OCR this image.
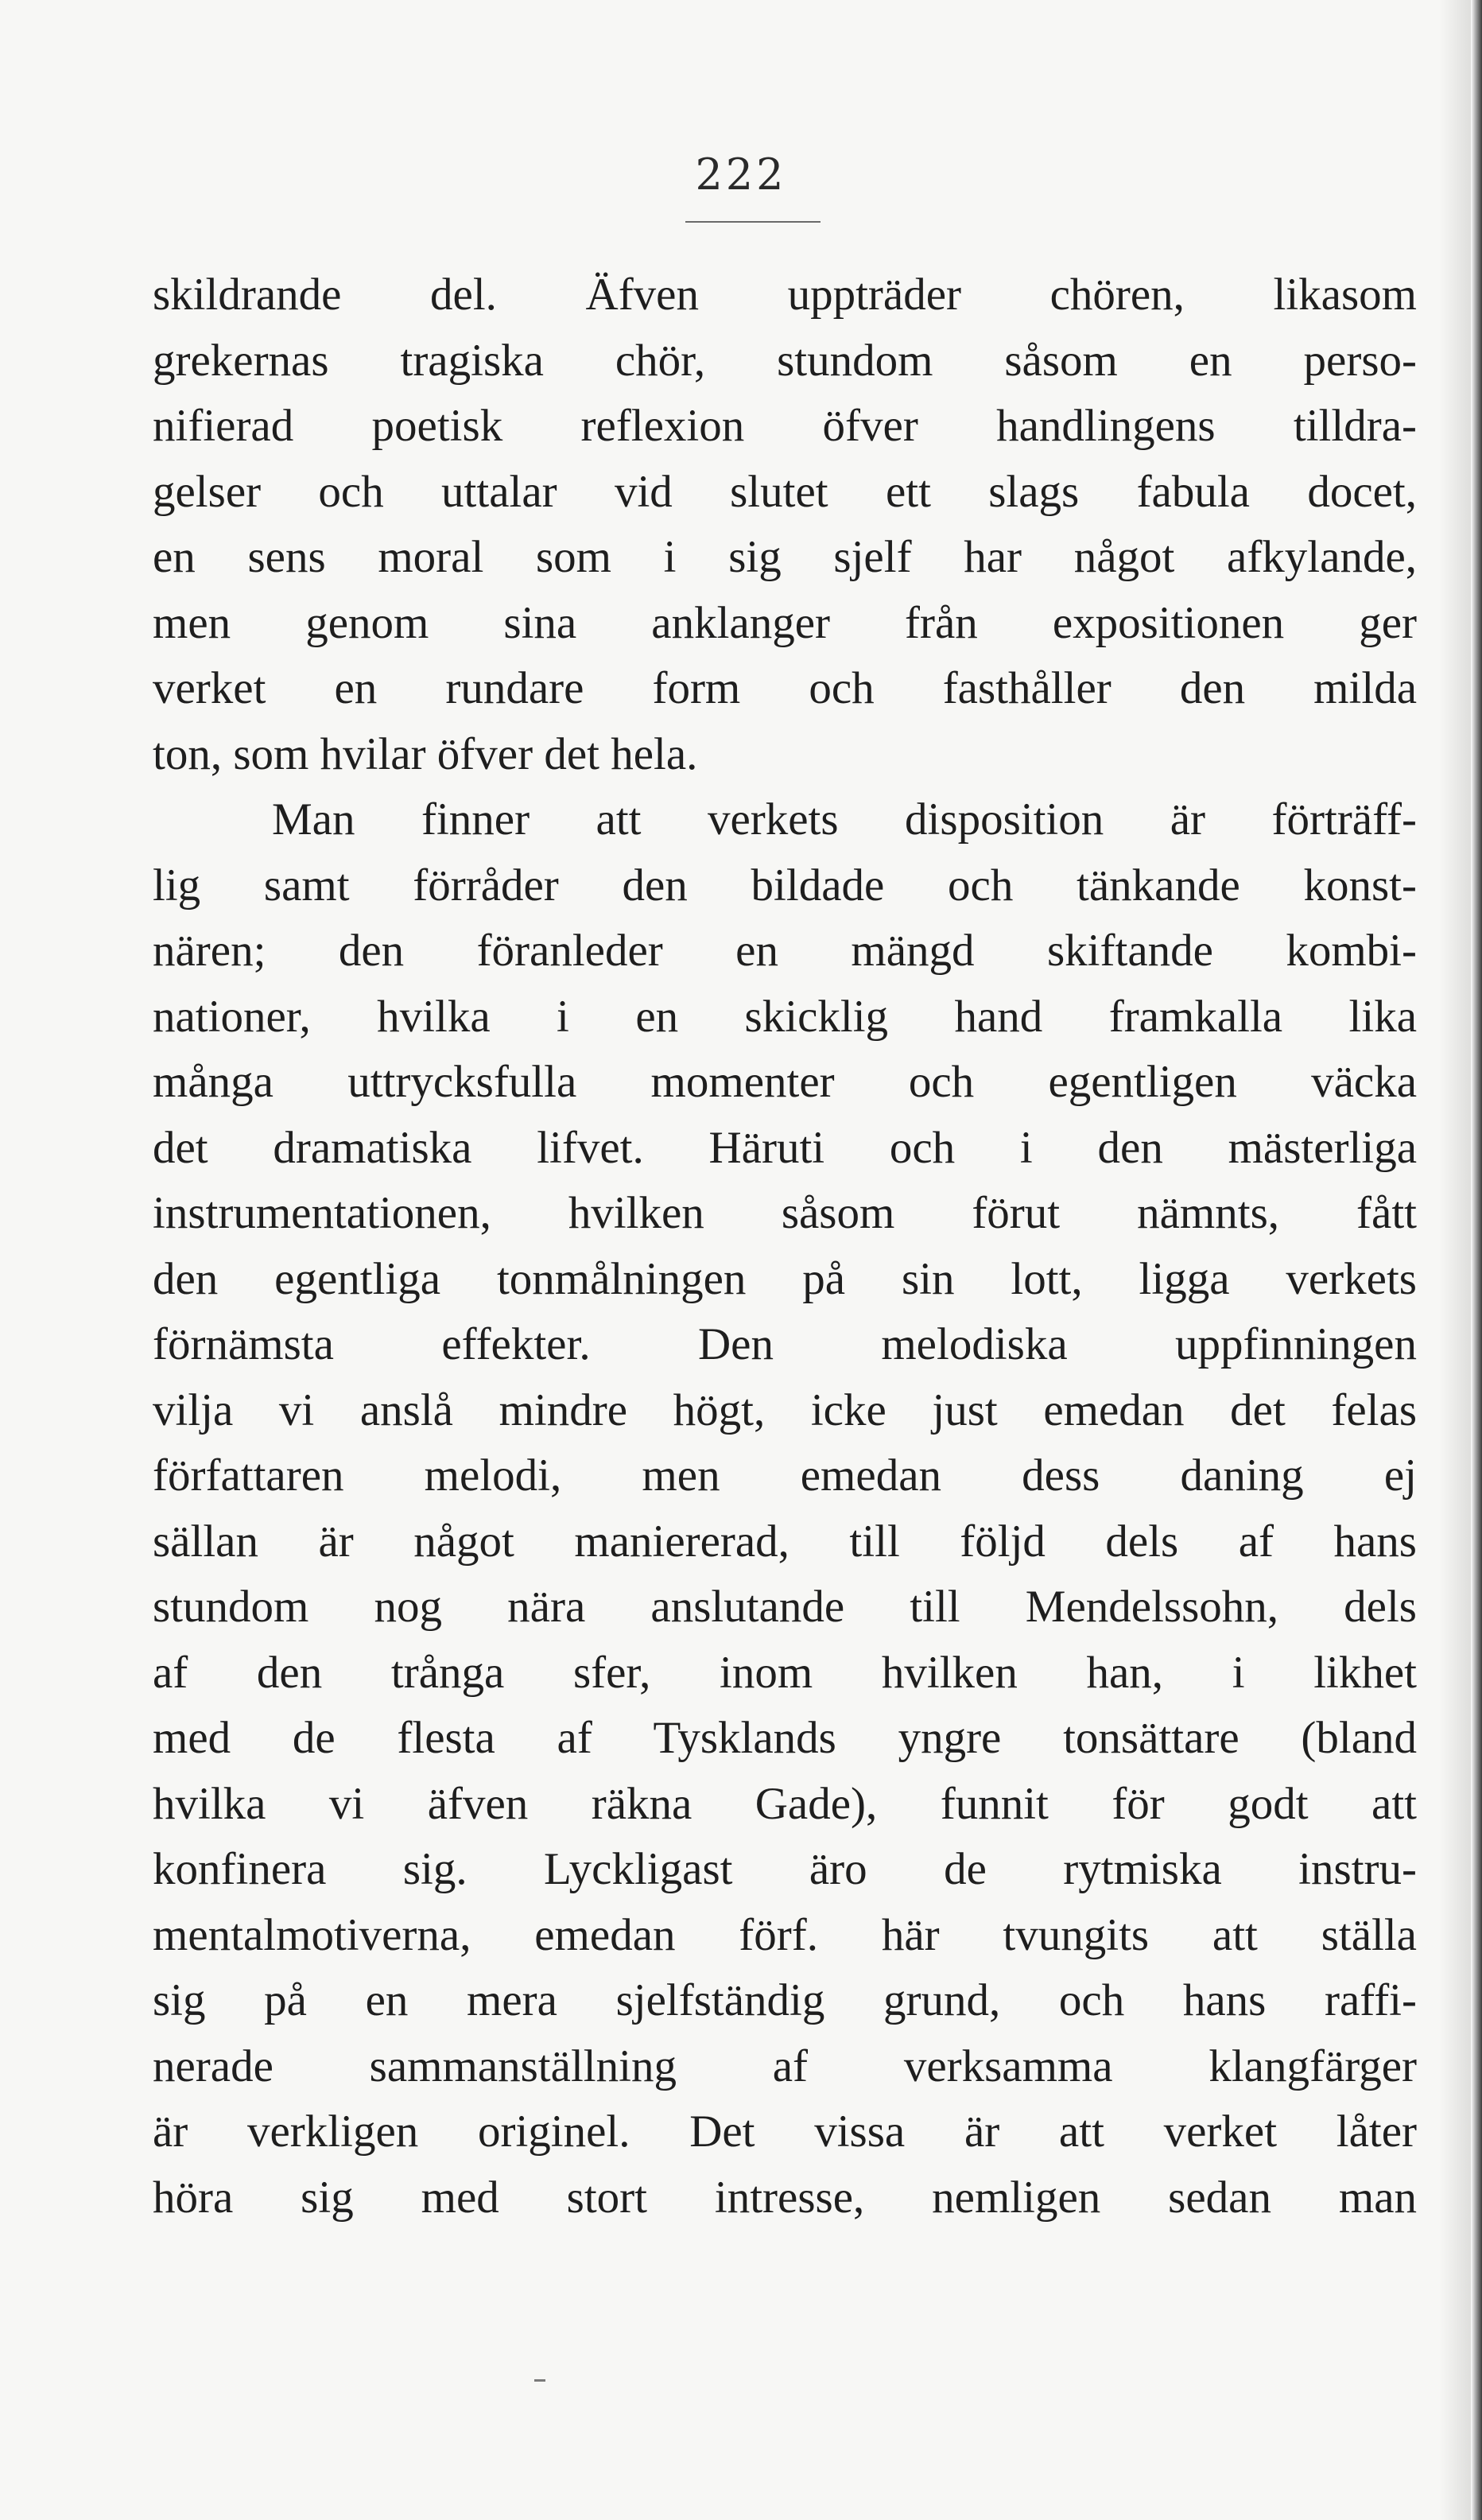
222
skildrande del. Äfven uppträder chören, likasom
grekernas tragiska chör, stundom såsom en perso-
nifierad poetisk reflexion öfver handlingens tilldra-
gelser och uttalar vid slutet ett slags fabula docet,
en sens moral som i sig sjelf har något afkylande,
men genom sina anklanger från expositionen ger
verket en rundare form och fasthåller den milda
ton, som hvilar öfver det hela.
Man finner att verkets disposition är förträff-
lig samt förråder den bildade och tänkande konst-
nären; den föranleder en mängd skiftande kombi-
nationer, hvilka i en skicklig hand framkalla lika
många uttrycksfulla momenter och egentligen väcka
det dramatiska lifvet. Häruti och i den mästerliga
instrumentationen, hvilken såsom förut nämnts, fått
den egentliga tonmålningen på sin lott, ligga verkets
förnämsta effekter. Den melodiska uppfinningen
vilja vi anslå mindre högt, icke just emedan det felas
författaren melodi, men emedan dess daning ej
sällan är något maniererad, till följd dels af hans
stundom nog nära anslutande till Mendelssohn, dels
af den trånga sfer, inom hvilken han, i likhet
med de flesta af Tysklands yngre tonsättare (bland
hvilka vi äfven räkna Gade), funnit för godt att
konfinera sig. Lyckligast äro de rytmiska instru-
mentalmotiverna, emedan förf. här tvungits att ställa
sig på en mera sjelfständig grund, och hans raffi-
nerade sammanställning af verksamma klangfärger
är verkligen originel. Det vissa är att verket låter
höra sig med stort intresse, nemligen sedan man
